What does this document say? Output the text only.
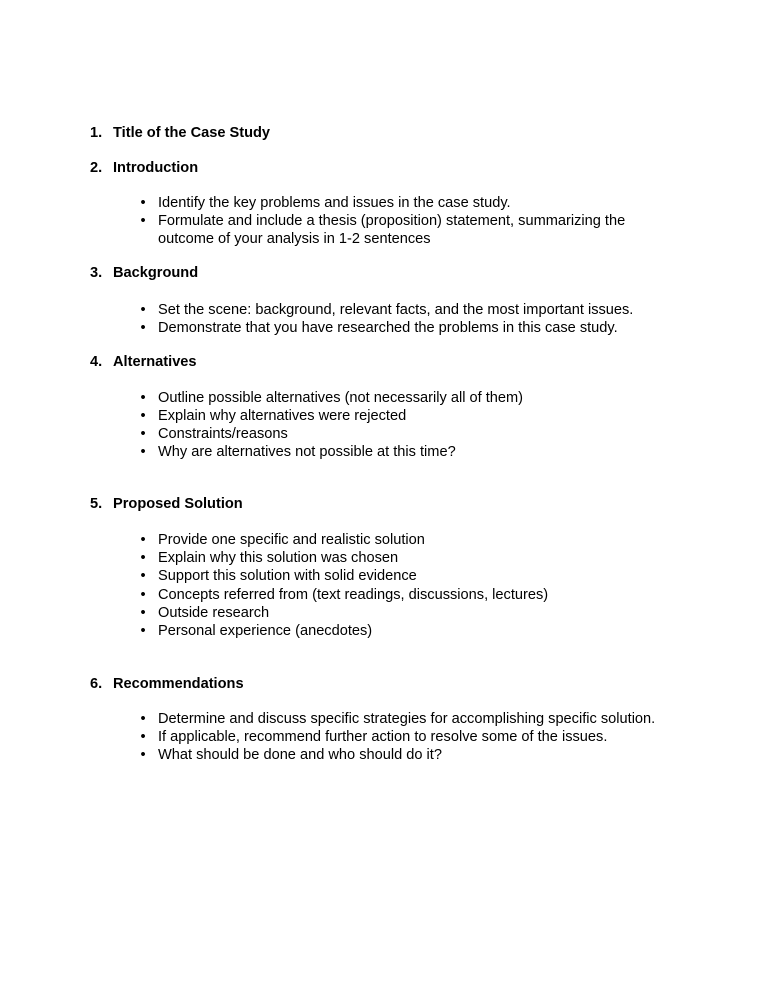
1. Title of the Case Study
2. Introduction
• Identify the key problems and issues in the case study.
• Formulate and include a thesis (proposition) statement, summarizing the
outcome of your analysis in 1-2 sentences
3. Background
• Set the scene: background, relevant facts, and the most important issues.
• Demonstrate that you have researched the problems in this case study.
4. Alternatives
• Outline possible alternatives (not necessarily all of them)
• Explain why alternatives were rejected
• Constraints/reasons
• Why are alternatives not possible at this time?
5. Proposed Solution
• Provide one specific and realistic solution
• Explain why this solution was chosen
• Support this solution with solid evidence
• Concepts referred from (text readings, discussions, lectures)
• Outside research
• Personal experience (anecdotes)
6. Recommendations
• Determine and discuss specific strategies for accomplishing specific solution.
• If applicable, recommend further action to resolve some of the issues.
• What should be done and who should do it?
